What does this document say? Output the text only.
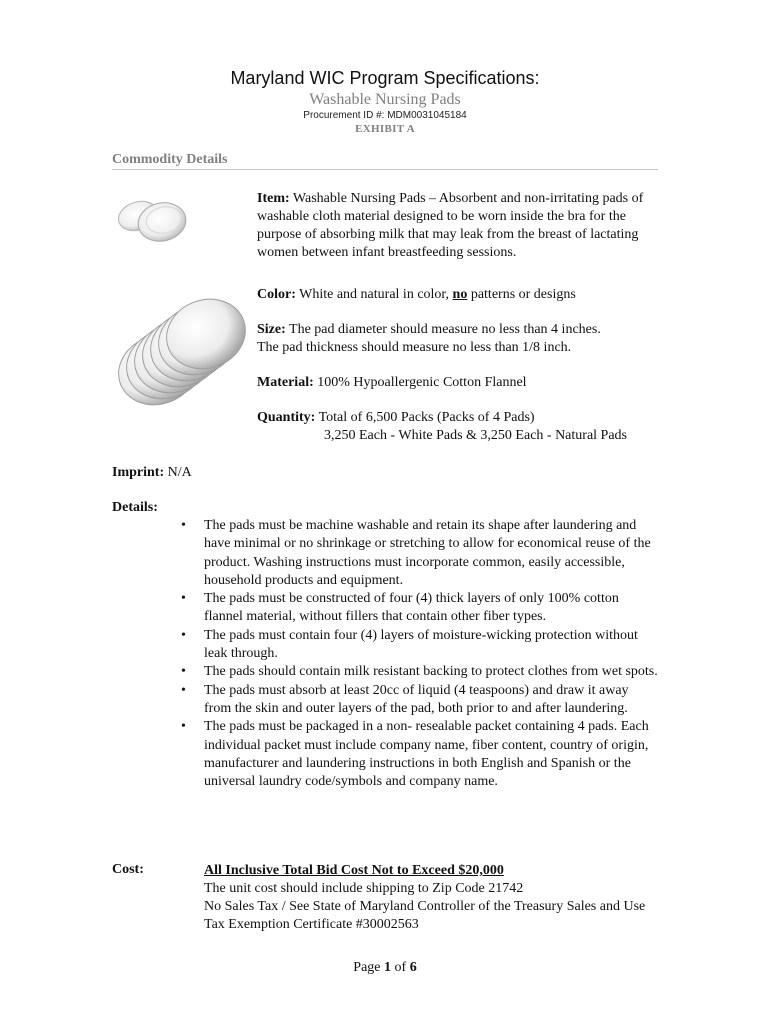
Maryland WIC Program Specifications:
Washable Nursing Pads
Procurement ID #: MDM0031045184
EXHIBIT A
Commodity Details
Item: Washable Nursing Pads – Absorbent and non-irritating pads of washable cloth material designed to be worn inside the bra for the purpose of absorbing milk that may leak from the breast of lactating women between infant breastfeeding sessions.
Color: White and natural in color, no patterns or designs
Size: The pad diameter should measure no less than 4 inches.
The pad thickness should measure no less than 1/8 inch.
Material: 100% Hypoallergenic Cotton Flannel
Quantity: Total of 6,500 Packs (Packs of 4 Pads)
3,250 Each - White Pads & 3,250 Each - Natural Pads
Imprint: N/A
Details:
• The pads must be machine washable and retain its shape after laundering and have minimal or no shrinkage or stretching to allow for economical reuse of the product. Washing instructions must incorporate common, easily accessible, household products and equipment.
• The pads must be constructed of four (4) thick layers of only 100% cotton flannel material, without fillers that contain other fiber types.
• The pads must contain four (4) layers of moisture-wicking protection without leak through.
• The pads should contain milk resistant backing to protect clothes from wet spots.
• The pads must absorb at least 20cc of liquid (4 teaspoons) and draw it away from the skin and outer layers of the pad, both prior to and after laundering.
• The pads must be packaged in a non- resealable packet containing 4 pads. Each individual packet must include company name, fiber content, country of origin, manufacturer and laundering instructions in both English and Spanish or the universal laundry code/symbols and company name.
Cost:	All Inclusive Total Bid Cost Not to Exceed $20,000
The unit cost should include shipping to Zip Code 21742
No Sales Tax / See State of Maryland Controller of the Treasury Sales and Use Tax Exemption Certificate #30002563
Page 1 of 6
